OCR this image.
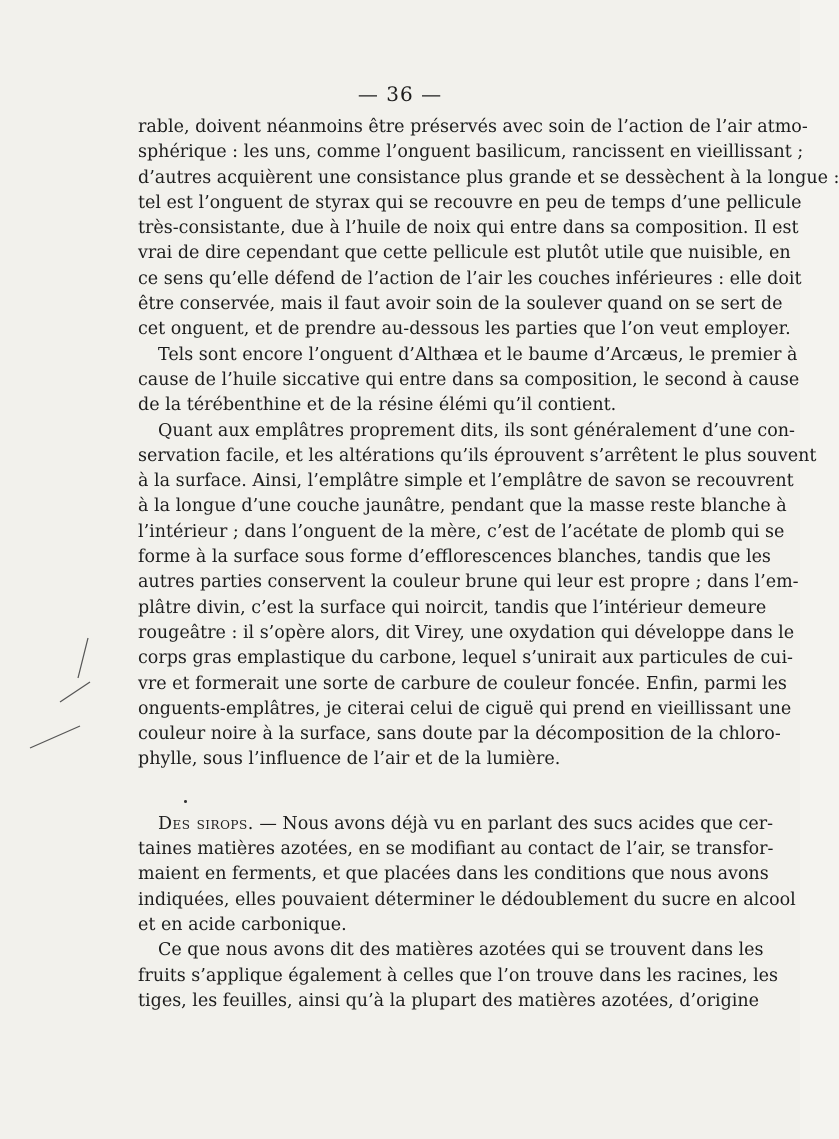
— 36 —
rable, doivent néanmoins être préservés avec soin de l’action de l’air atmo-
sphérique : les uns, comme l’onguent basilicum, rancissent en vieillissant ;
d’autres acquièrent une consistance plus grande et se dessèchent à la longue :
tel est l’onguent de styrax qui se recouvre en peu de temps d’une pellicule
très-consistante, due à l’huile de noix qui entre dans sa composition. Il est
vrai de dire cependant que cette pellicule est plutôt utile que nuisible, en
ce sens qu’elle défend de l’action de l’air les couches inférieures : elle doit
être conservée, mais il faut avoir soin de la soulever quand on se sert de
cet onguent, et de prendre au-dessous les parties que l’on veut employer.
Tels sont encore l’onguent d’Althæa et le baume d’Arcæus, le premier à
cause de l’huile siccative qui entre dans sa composition, le second à cause
de la térébenthine et de la résine élémi qu’il contient.
Quant aux emplâtres proprement dits, ils sont généralement d’une con-
servation facile, et les altérations qu’ils éprouvent s’arrêtent le plus souvent
à la surface. Ainsi, l’emplâtre simple et l’emplâtre de savon se recouvrent
à la longue d’une couche jaunâtre, pendant que la masse reste blanche à
l’intérieur ; dans l’onguent de la mère, c’est de l’acétate de plomb qui se
forme à la surface sous forme d’efflorescences blanches, tandis que les
autres parties conservent la couleur brune qui leur est propre ; dans l’em-
plâtre divin, c’est la surface qui noircit, tandis que l’intérieur demeure
rougeâtre : il s’opère alors, dit Virey, une oxydation qui développe dans le
corps gras emplastique du carbone, lequel s’unirait aux particules de cui-
vre et formerait une sorte de carbure de couleur foncée. Enfin, parmi les
onguents-emplâtres, je citerai celui de ciguë qui prend en vieillissant une
couleur noire à la surface, sans doute par la décomposition de la chloro-
phylle, sous l’influence de l’air et de la lumière.
Des sirops. — Nous avons déjà vu en parlant des sucs acides que cer-
taines matières azotées, en se modifiant au contact de l’air, se transfor-
maient en ferments, et que placées dans les conditions que nous avons
indiquées, elles pouvaient déterminer le dédoublement du sucre en alcool
et en acide carbonique.
Ce que nous avons dit des matières azotées qui se trouvent dans les
fruits s’applique également à celles que l’on trouve dans les racines, les
tiges, les feuilles, ainsi qu’à la plupart des matières azotées, d’origine
